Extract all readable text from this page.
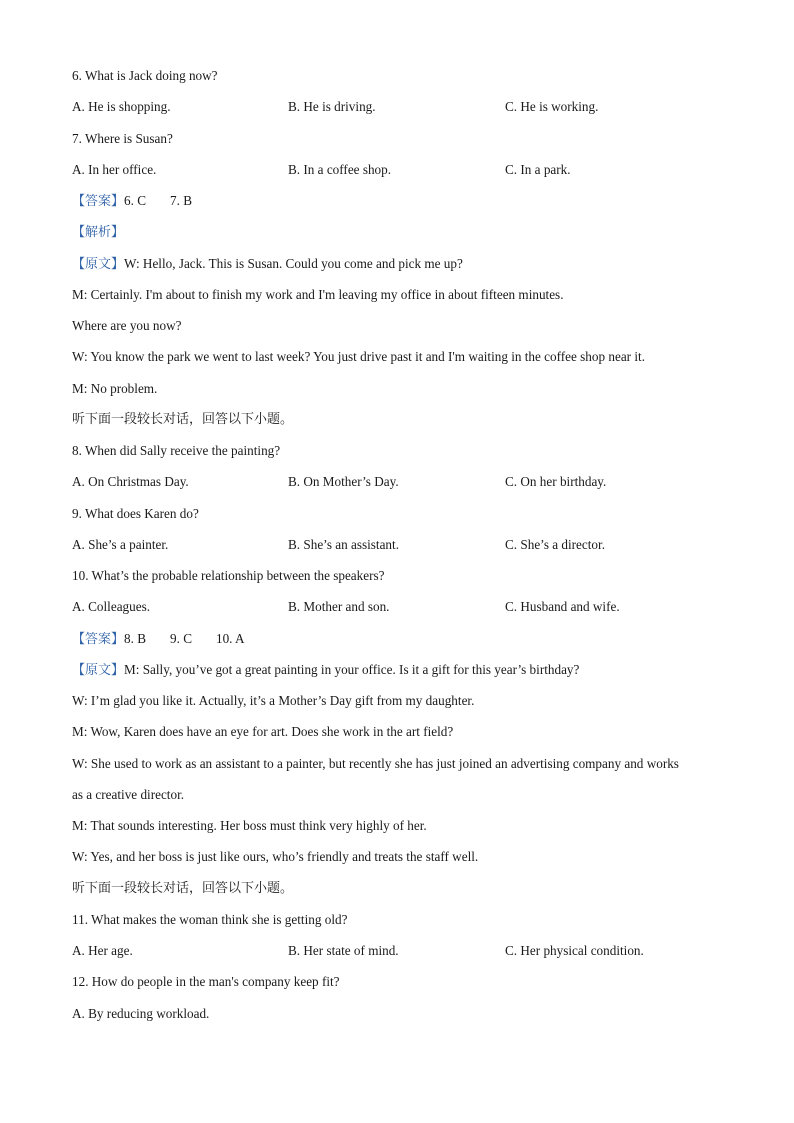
6. What is Jack doing now?
A. He is shopping.	B. He is driving.	C. He is working.
7. Where is Susan?
A. In her office.	B. In a coffee shop.	C. In a park.
【答案】6. C 7. B
【解析】
【原文】W: Hello, Jack. This is Susan. Could you come and pick me up?
M: Certainly. I'm about to finish my work and I'm leaving my office in about fifteen minutes.
Where are you now?
W: You know the park we went to last week? You just drive past it and I'm waiting in the coffee shop near it.
M: No problem.
听下面一段较长对话，回答以下小题。
8. When did Sally receive the painting?
A. On Christmas Day.	B. On Mother’s Day.	C. On her birthday.
9. What does Karen do?
A. She’s a painter.	B. She’s an assistant.	C. She’s a director.
10. What’s the probable relationship between the speakers?
A. Colleagues.	B. Mother and son.	C. Husband and wife.
【答案】8. B 9. C 10. A
【原文】M: Sally, you’ve got a great painting in your office. Is it a gift for this year’s birthday?
W: I’m glad you like it. Actually, it’s a Mother’s Day gift from my daughter.
M: Wow, Karen does have an eye for art. Does she work in the art field?
W: She used to work as an assistant to a painter, but recently she has just joined an advertising company and works
as a creative director.
M: That sounds interesting. Her boss must think very highly of her.
W: Yes, and her boss is just like ours, who’s friendly and treats the staff well.
听下面一段较长对话，回答以下小题。
11. What makes the woman think she is getting old?
A. Her age.	B. Her state of mind.	C. Her physical condition.
12. How do people in the man's company keep fit?
A. By reducing workload.
